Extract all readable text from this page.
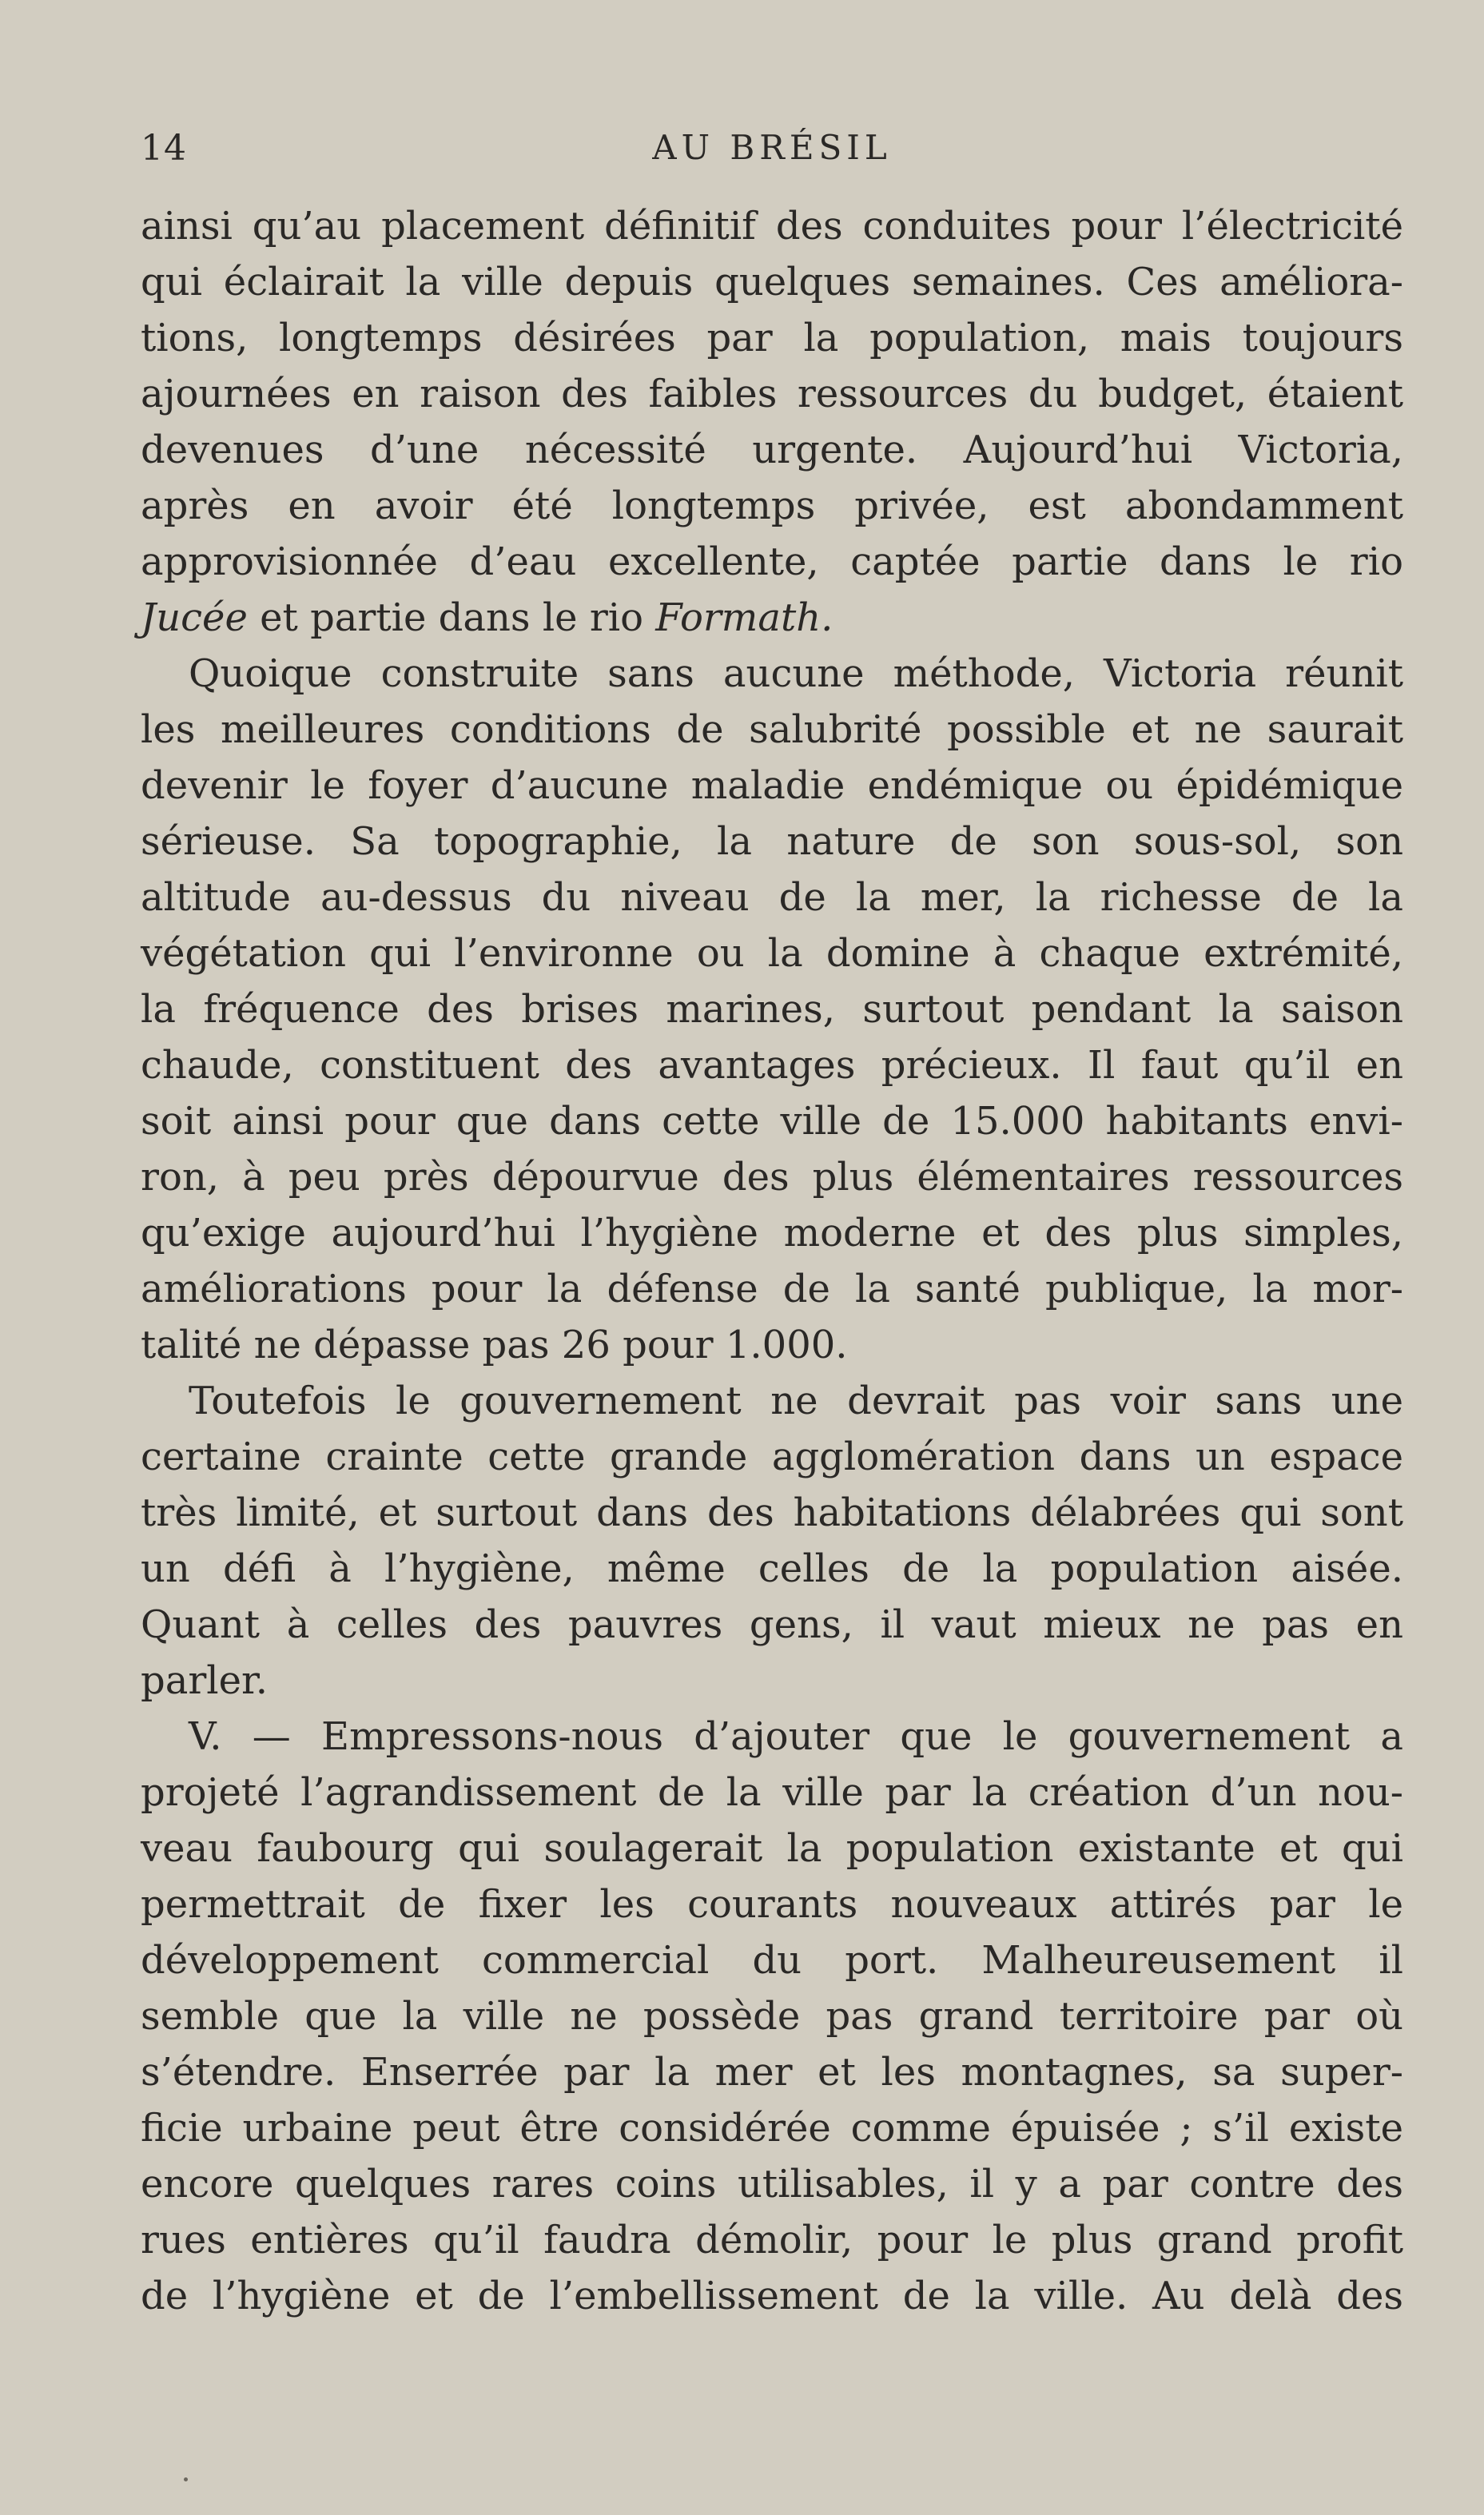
14	AU BRÉSIL
ainsi qu’au placement définitif des conduites pour l’électricité
qui éclairait la ville depuis quelques semaines. Ces améliora-
tions, longtemps désirées par la population, mais toujours
ajournées en raison des faibles ressources du budget, étaient
devenues d’une nécessité urgente. Aujourd’hui Victoria,
après en avoir été longtemps privée, est abondamment
approvisionnée d’eau excellente, captée partie dans le rio
Jucée et partie dans le rio Formath.
Quoique construite sans aucune méthode, Victoria réunit
les meilleures conditions de salubrité possible et ne saurait
devenir le foyer d’aucune maladie endémique ou épidémique
sérieuse. Sa topographie, la nature de son sous-sol, son
altitude au-dessus du niveau de la mer, la richesse de la
végétation qui l’environne ou la domine à chaque extrémité,
la fréquence des brises marines, surtout pendant la saison
chaude, constituent des avantages précieux. Il faut qu’il en
soit ainsi pour que dans cette ville de 15.000 habitants envi-
ron, à peu près dépourvue des plus élémentaires ressources
qu’exige aujourd’hui l’hygiène moderne et des plus simples,
améliorations pour la défense de la santé publique, la mor-
talité ne dépasse pas 26 pour 1.000.
Toutefois le gouvernement ne devrait pas voir sans une
certaine crainte cette grande agglomération dans un espace
très limité, et surtout dans des habitations délabrées qui sont
un défi à l’hygiène, même celles de la population aisée.
Quant à celles des pauvres gens, il vaut mieux ne pas en
parler.
V. — Empressons-nous d’ajouter que le gouvernement a
projeté l’agrandissement de la ville par la création d’un nou-
veau faubourg qui soulagerait la population existante et qui
permettrait de fixer les courants nouveaux attirés par le
développement commercial du port. Malheureusement il
semble que la ville ne possède pas grand territoire par où
s’étendre. Enserrée par la mer et les montagnes, sa super-
ficie urbaine peut être considérée comme épuisée ; s’il existe
encore quelques rares coins utilisables, il y a par contre des
rues entières qu’il faudra démolir, pour le plus grand profit
de l’hygiène et de l’embellissement de la ville. Au delà des
